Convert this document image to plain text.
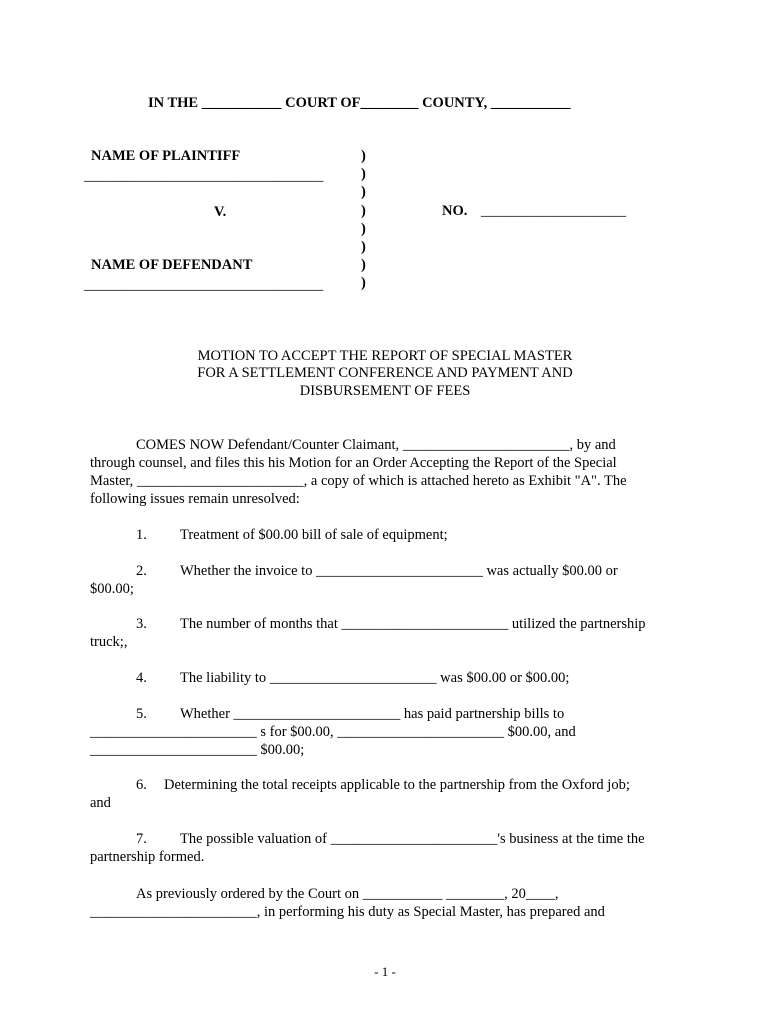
IN THE ___________ COURT OF________ COUNTY, ___________
NAME OF PLAINTIFF
_________________________________
V.
NAME OF DEFENDANT
_________________________________
)
)
)
)
)
)
)
)
NO. ____________________
MOTION TO ACCEPT THE REPORT OF SPECIAL MASTER
FOR A SETTLEMENT CONFERENCE AND PAYMENT AND
DISBURSEMENT OF FEES
COMES NOW Defendant/Counter Claimant, _______________________, by and
through counsel, and files this his Motion for an Order Accepting the Report of the Special
Master, _______________________, a copy of which is attached hereto as Exhibit "A". The
following issues remain unresolved:
1. Treatment of $00.00 bill of sale of equipment;
2. Whether the invoice to _______________________ was actually $00.00 or
$00.00;
3. The number of months that _______________________ utilized the partnership
truck;,
4. The liability to _______________________ was $00.00 or $00.00;
5. Whether _______________________ has paid partnership bills to
_______________________ s for $00.00, _______________________ $00.00, and
_______________________ $00.00;
6. Determining the total receipts applicable to the partnership from the Oxford job;
and
7. The possible valuation of _______________________'s business at the time the
partnership formed.
As previously ordered by the Court on ___________ ________, 20____,
_______________________, in performing his duty as Special Master, has prepared and
- 1 -
